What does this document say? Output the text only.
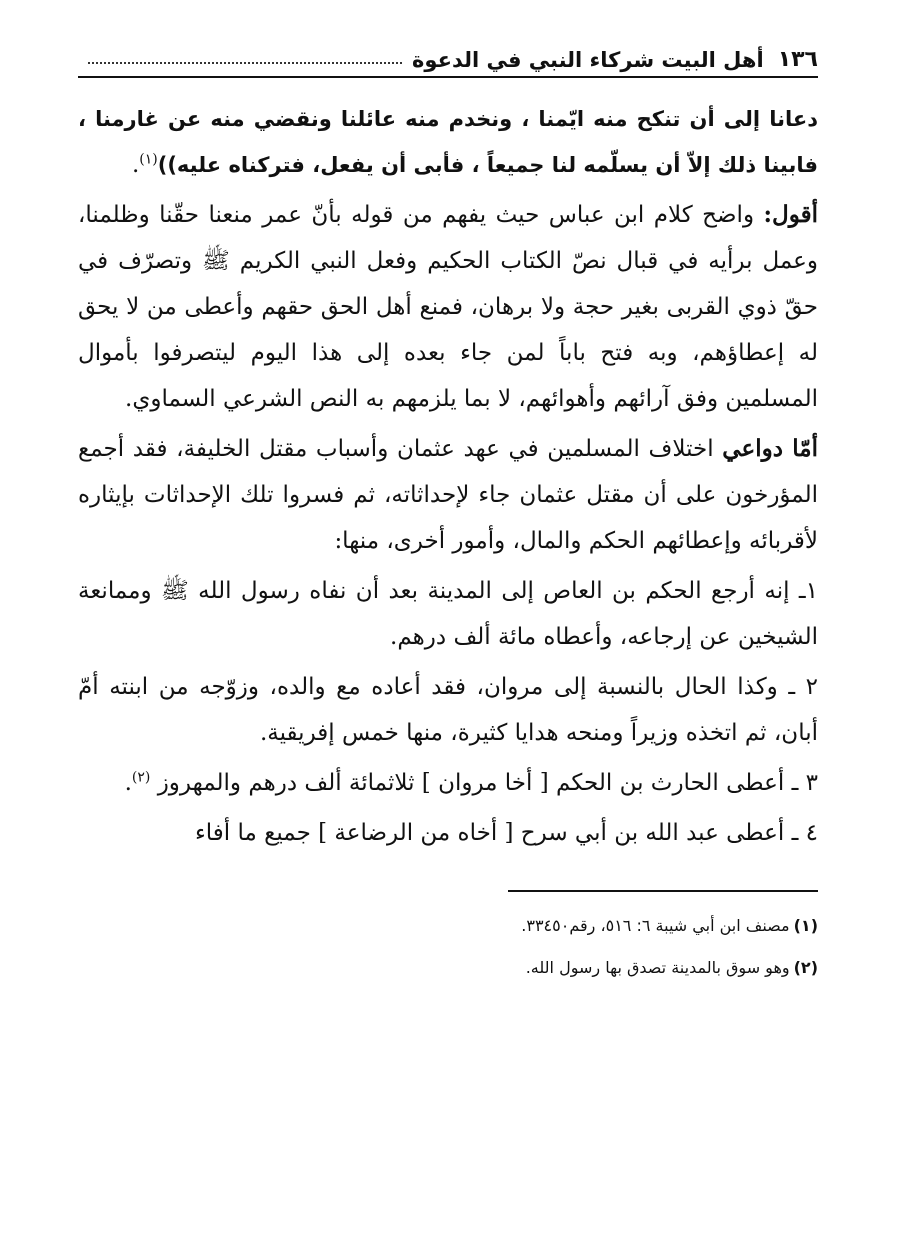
١٣٦
أهل البيت شركاء النبي في الدعوة

دعانا إلى أن تنكح منه ايّمنا ، ونخدم منه عائلنا ونقضي منه عن غارمنا ، فابينا ذلك إلاّ أن يسلّمه لنا جميعاً ، فأبى أن يفعل، فتركناه عليه))$^{(١)}$.

أقول: واضح كلام ابن عباس حيث يفهم من قوله بأنّ عمر منعنا حقّنا وظلمنا، وعمل برأيه في قبال نصّ الكتاب الحكيم وفعل النبي الكريم ﷺ وتصرّف في حقّ ذوي القربى بغير حجة ولا برهان، فمنع أهل الحق حقهم وأعطى من لا يحق له إعطاؤهم، وبه فتح باباً لمن جاء بعده إلى هذا اليوم ليتصرفوا بأموال المسلمين وفق آرائهم وأهوائهم، لا بما يلزمهم به النص الشرعي السماوي.

أمّا دواعي اختلاف المسلمين في عهد عثمان وأسباب مقتل الخليفة، فقد أجمع المؤرخون على أن مقتل عثمان جاء لإحداثاته، ثم فسروا تلك الإحداثات بإيثاره لأقربائه وإعطائهم الحكم والمال، وأمور أخرى، منها:

١ـ إنه أرجع الحكم بن العاص إلى المدينة بعد أن نفاه رسول الله ﷺ وممانعة الشيخين عن إرجاعه، وأعطاه مائة ألف درهم.

٢ ـ وكذا الحال بالنسبة إلى مروان، فقد أعاده مع والده، وزوّجه من ابنته أمّ أبان، ثم اتخذه وزيراً ومنحه هدايا كثيرة، منها خمس إفريقية.

٣ ـ أعطى الحارث بن الحكم [ أخا مروان ] ثلاثمائة ألف درهم والمهروز $^{(٢)}$.

٤ ـ أعطى عبد الله بن أبي سرح [ أخاه من الرضاعة ] جميع ما أفاء

(١)مصنف ابن أبي شيبة ٦: ٥١٦، رقم٣٣٤٥٠.

(٢)وهو سوق بالمدينة تصدق بها رسول الله.
